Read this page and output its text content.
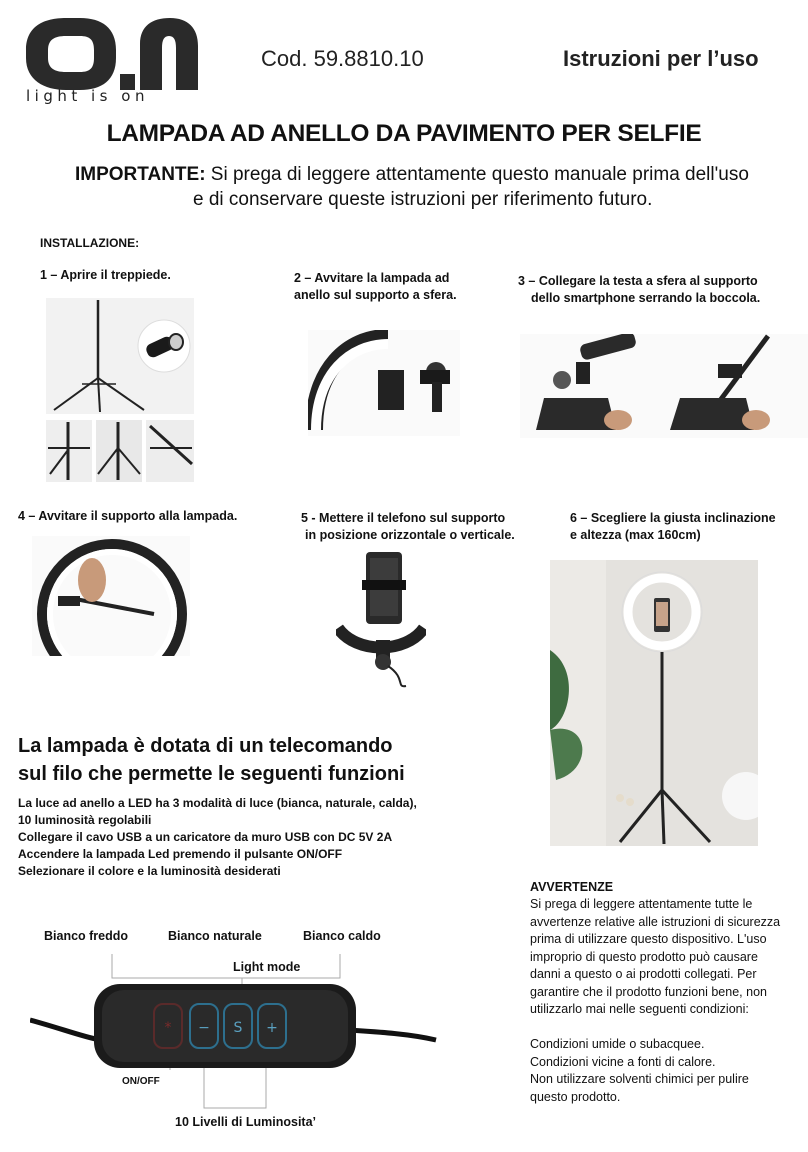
light is on
Cod. 59.8810.10	Istruzioni per l’uso
LAMPADA AD ANELLO DA PAVIMENTO PER SELFIE
IMPORTANTE: Si prega di leggere attentamente questo manuale prima dell'uso
e di conservare queste istruzioni per riferimento futuro.
INSTALLAZIONE:
1 – Aprire il treppiede.	2 – Avvitare la lampada ad
anello sul supporto a sfera.
3 – Collegare la testa a sfera al supporto
dello smartphone serrando la boccola.
4 – Avvitare il supporto alla lampada.	5 - Mettere il telefono sul supporto
in posizione orizzontale o verticale.
6 – Scegliere la giusta inclinazione
e altezza (max 160cm)
La lampada è dotata di un telecomando
sul filo che permette le seguenti funzioni
La luce ad anello a LED ha 3 modalità di luce (bianca, naturale, calda),
10 luminosità regolabili
Collegare il cavo USB a un caricatore da muro USB con DC 5V 2A
Accendere la lampada Led premendo il pulsante ON/OFF
Selezionare il colore e la luminosità desiderati
Bianco freddo	Bianco naturale	Bianco caldo
Light mode
ON/OFF
10 Livelli di Luminosita’
* − S +
AVVERTENZE
Si prega di leggere attentamente tutte le
avvertenze relative alle istruzioni di sicurezza
prima di utilizzare questo dispositivo. L'uso
improprio di questo prodotto può causare
danni a questo o ai prodotti collegati. Per
garantire che il prodotto funzioni bene, non
utilizzarlo mai nelle seguenti condizioni:
Condizioni umide o subacquee.
Condizioni vicine a fonti di calore.
Non utilizzare solventi chimici per pulire
questo prodotto.
